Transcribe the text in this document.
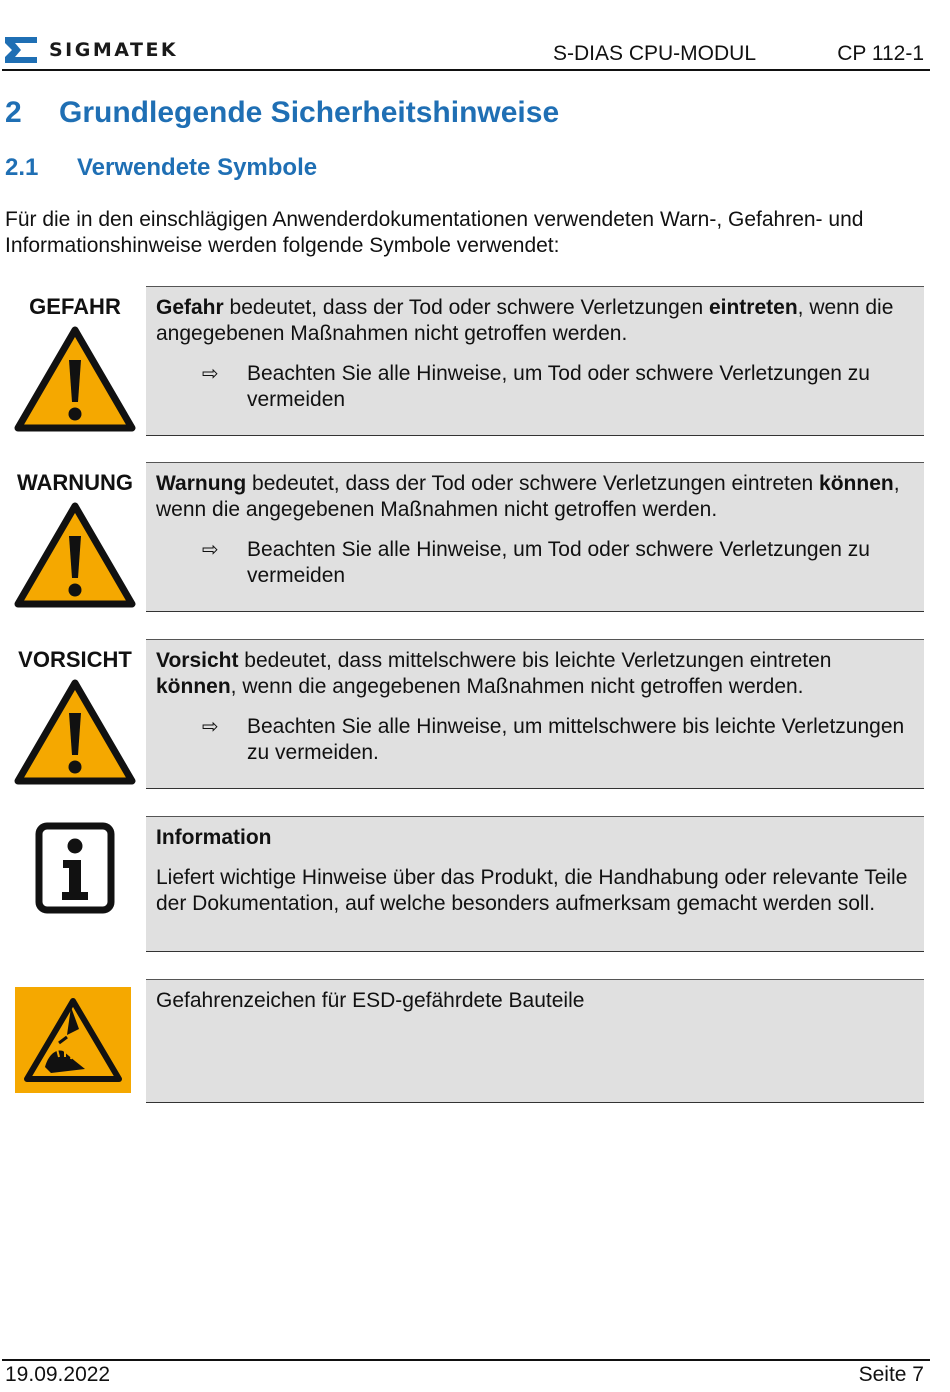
SIGMATEK	S-DIAS CPU-MODUL	CP 112-1
2 Grundlegende Sicherheitshinweise
2.1 Verwendete Symbole
Für die in den einschlägigen Anwenderdokumentationen verwendeten Warn-, Gefahren- und Informationshinweise werden folgende Symbole verwendet:
GEFAHR	Gefahr bedeutet, dass der Tod oder schwere Verletzungen eintreten, wenn die angegebenen Maßnahmen nicht getroffen werden.
⇨ Beachten Sie alle Hinweise, um Tod oder schwere Verletzungen zu vermeiden
WARNUNG	Warnung bedeutet, dass der Tod oder schwere Verletzungen eintreten können, wenn die angegebenen Maßnahmen nicht getroffen werden.
⇨ Beachten Sie alle Hinweise, um Tod oder schwere Verletzungen zu vermeiden
VORSICHT	Vorsicht bedeutet, dass mittelschwere bis leichte Verletzungen eintreten können, wenn die angegebenen Maßnahmen nicht getroffen werden.
⇨ Beachten Sie alle Hinweise, um mittelschwere bis leichte Verletzungen zu vermeiden.
Information
Liefert wichtige Hinweise über das Produkt, die Handhabung oder relevante Teile der Dokumentation, auf welche besonders aufmerksam gemacht werden soll.
Gefahrenzeichen für ESD-gefährdete Bauteile
19.09.2022	Seite 7
